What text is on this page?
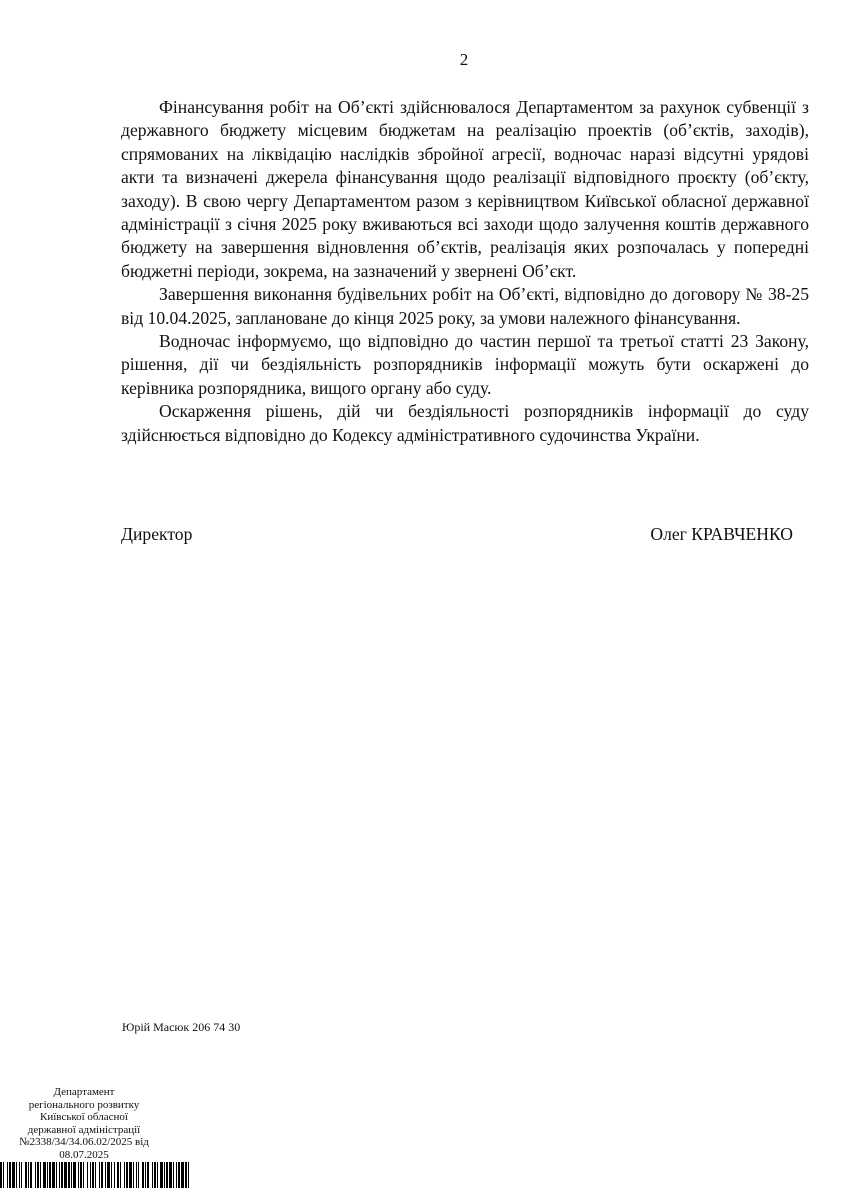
2

Фінансування робіт на Об’єкті здійснювалося Департаментом за рахунок субвенції з державного бюджету місцевим бюджетам на реалізацію проектів (об’єктів, заходів), спрямованих на ліквідацію наслідків збройної агресії, водночас наразі відсутні урядові акти та визначені джерела фінансування щодо реалізації відповідного проєкту (об’єкту, заходу). В свою чергу Департаментом разом з керівництвом Київської обласної державної адміністрації з січня 2025 року вживаються всі заходи щодо залучення коштів державного бюджету на завершення відновлення об’єктів, реалізація яких розпочалась у попередні бюджетні періоди, зокрема, на зазначений у звернені Об’єкт.

Завершення виконання будівельних робіт на Об’єкті, відповідно до договору № 38-25 від 10.04.2025, заплановане до кінця 2025 року, за умови належного фінансування.

Водночас інформуємо, що відповідно до частин першої та третьої статті 23 Закону, рішення, дії чи бездіяльність розпорядників інформації можуть бути оскаржені до керівника розпорядника, вищого органу або суду.

Оскарження рішень, дій чи бездіяльності розпорядників інформації до суду здійснюється відповідно до Кодексу адміністративного судочинства України.

Директор	Олег КРАВЧЕНКО
Юрій Масюк 206 74 30
Департамент
регіонального розвитку
Київської обласної
державної адміністрації
№2338/34/34.06.02/2025 від
08.07.2025
